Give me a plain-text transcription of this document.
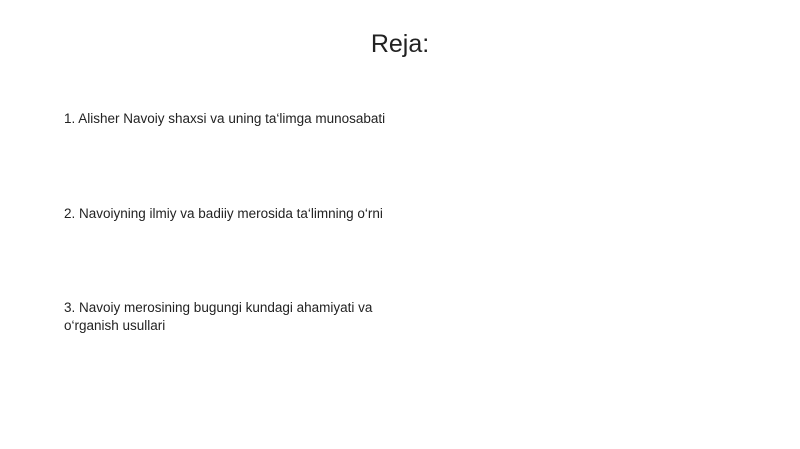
Reja:

1. Alisher Navoiy shaxsi va uning ta‘limga munosabati

2. Navoiyning ilmiy va badiiy merosida ta‘limning o‘rni

3. Navoiy merosining bugungi kundagi ahamiyati va o‘rganish usullari
